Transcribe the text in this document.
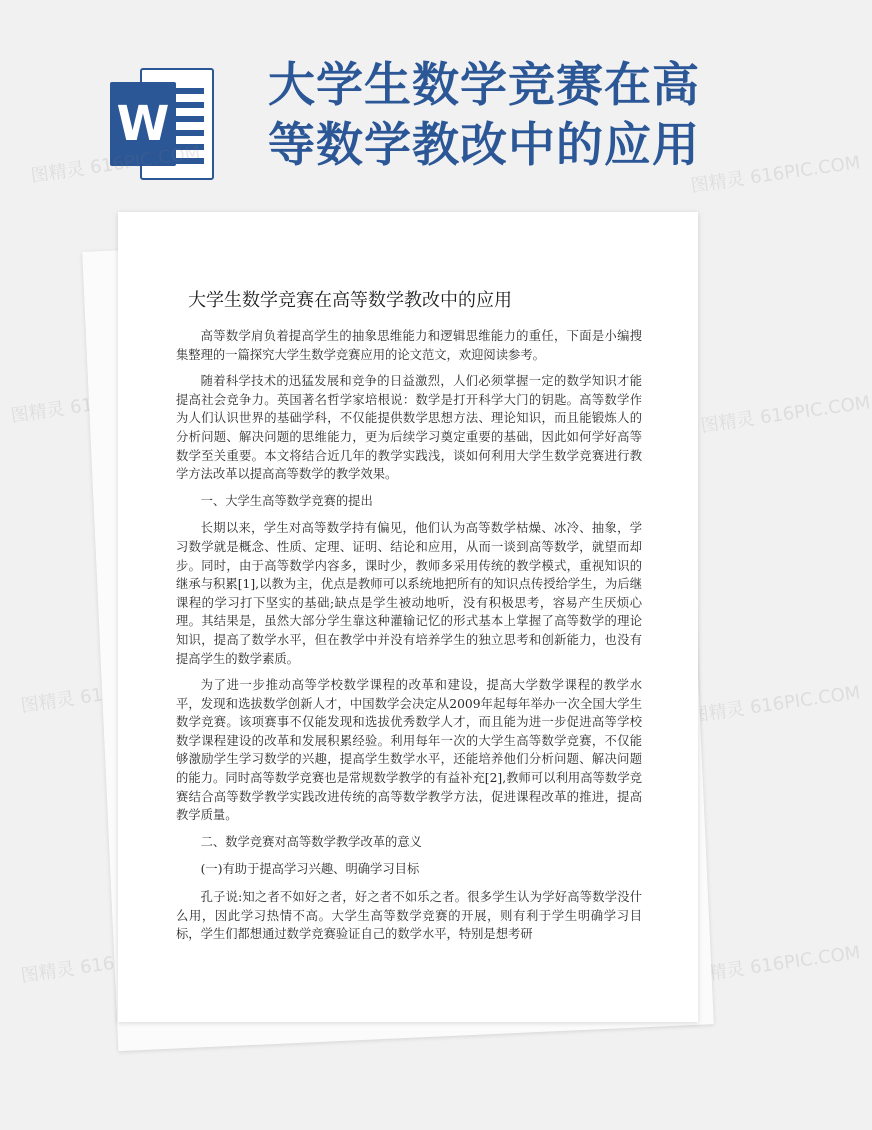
W
大学生数学竞赛在高等数学教改中的应用
图精灵	图精灵 616PIC.COM
图精灵	图精灵 616PIC.COM
图精灵	图精灵 616PIC.COM
图精灵 616PIC.COM	图精灵 616PIC.COM
大学生数学竞赛在高等数学教改中的应用

高等数学肩负着提高学生的抽象思维能力和逻辑思维能力的重任，下面是小编搜集整理的一篇探究大学生数学竞赛应用的论文范文，欢迎阅读参考。

随着科学技术的迅猛发展和竞争的日益激烈，人们必须掌握一定的数学知识才能提高社会竞争力。英国著名哲学家培根说：数学是打开科学大门的钥匙。高等数学作为人们认识世界的基础学科，不仅能提供数学思想方法、理论知识，而且能锻炼人的分析问题、解决问题的思维能力，更为后续学习奠定重要的基础，因此如何学好高等数学至关重要。本文将结合近几年的教学实践浅，谈如何利用大学生数学竞赛进行教学方法改革以提高高等数学的教学效果。

一、大学生高等数学竞赛的提出

长期以来，学生对高等数学持有偏见，他们认为高等数学枯燥、冰冷、抽象，学习数学就是概念、性质、定理、证明、结论和应用，从而一谈到高等数学，就望而却步。同时，由于高等数学内容多，课时少，教师多采用传统的教学模式，重视知识的继承与积累[1],以教为主，优点是教师可以系统地把所有的知识点传授给学生，为后继课程的学习打下坚实的基础;缺点是学生被动地听，没有积极思考，容易产生厌烦心理。其结果是，虽然大部分学生靠这种灌输记忆的形式基本上掌握了高等数学的理论知识，提高了数学水平，但在教学中并没有培养学生的独立思考和创新能力，也没有提高学生的数学素质。

为了进一步推动高等学校数学课程的改革和建设，提高大学数学课程的教学水平，发现和选拔数学创新人才，中国数学会决定从2009年起每年举办一次全国大学生数学竞赛。该项赛事不仅能发现和选拔优秀数学人才，而且能为进一步促进高等学校数学课程建设的改革和发展积累经验。利用每年一次的大学生高等数学竞赛，不仅能够激励学生学习数学的兴趣，提高学生数学水平，还能培养他们分析问题、解决问题的能力。同时高等数学竞赛也是常规数学教学的有益补充[2],教师可以利用高等数学竞赛结合高等数学教学实践改进传统的高等数学教学方法，促进课程改革的推进，提高教学质量。

二、数学竞赛对高等数学教学改革的意义

(一)有助于提高学习兴趣、明确学习目标

孔子说:知之者不如好之者，好之者不如乐之者。很多学生认为学好高等数学没什么用，因此学习热情不高。大学生高等数学竞赛的开展，则有利于学生明确学习目标，学生们都想通过数学竞赛验证自己的数学水平，特别是想考研
